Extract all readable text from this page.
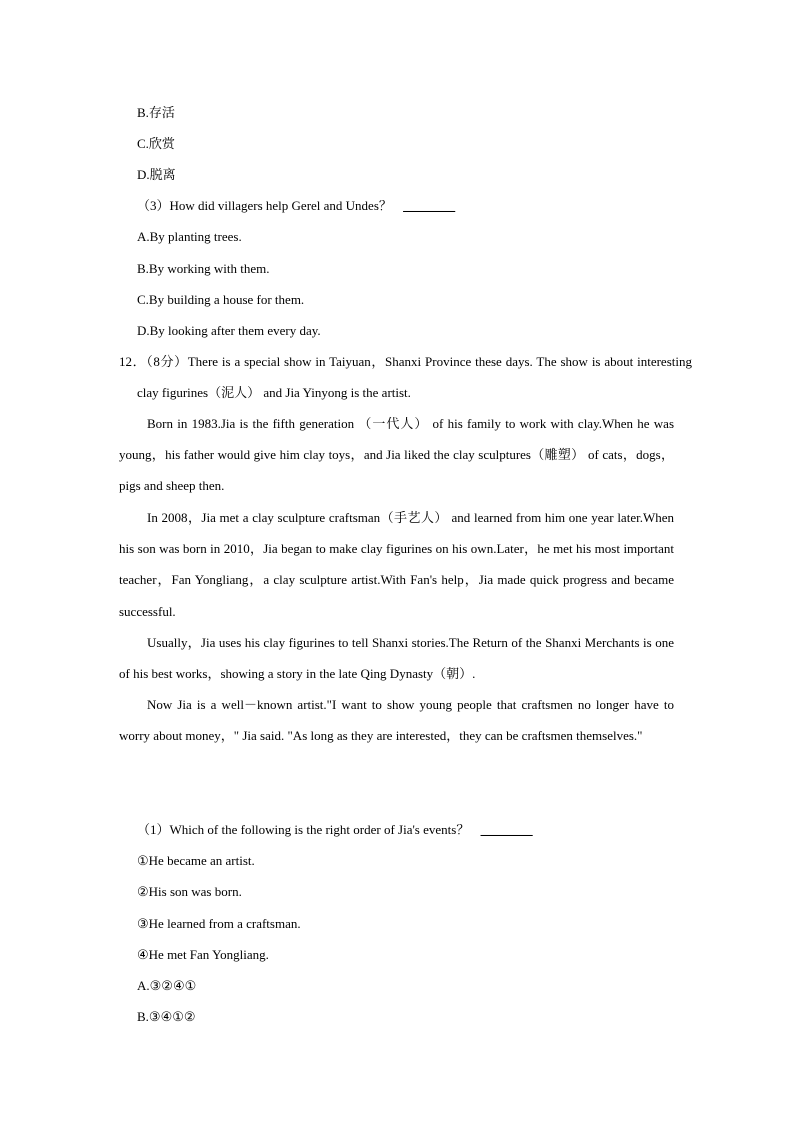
B.存活
C.欣赏
D.脱离
（3）How did villagers help Gerel and Undes？ ________
A.By planting trees.
B.By working with them.
C.By building a house for them.
D.By looking after them every day.
12．（8分）There is a special show in Taiyuan，Shanxi Province these days. The show is about interesting clay figurines（泥人） and Jia Yinyong is the artist.
Born in 1983.Jia is the fifth generation （一代人） of his family to work with clay.When he was young，his father would give him clay toys，and Jia liked the clay sculptures（雕塑） of cats，dogs，pigs and sheep then.
In 2008，Jia met a clay sculpture craftsman（手艺人） and learned from him one year later.When his son was born in 2010，Jia began to make clay figurines on his own.Later，he met his most important teacher，Fan Yongliang，a clay sculpture artist.With Fan's help，Jia made quick progress and became successful.
Usually，Jia uses his clay figurines to tell Shanxi stories.The Return of the Shanxi Merchants is one of his best works，showing a story in the late Qing Dynasty（朝）.
Now Jia is a well－known artist."I want to show young people that craftsmen no longer have to worry about money，" Jia said. "As long as they are interested，they can be craftsmen themselves."
（1）Which of the following is the right order of Jia's events？ ________
①He became an artist.
②His son was born.
③He learned from a craftsman.
④He met Fan Yongliang.
A.③②④①
B.③④①②
